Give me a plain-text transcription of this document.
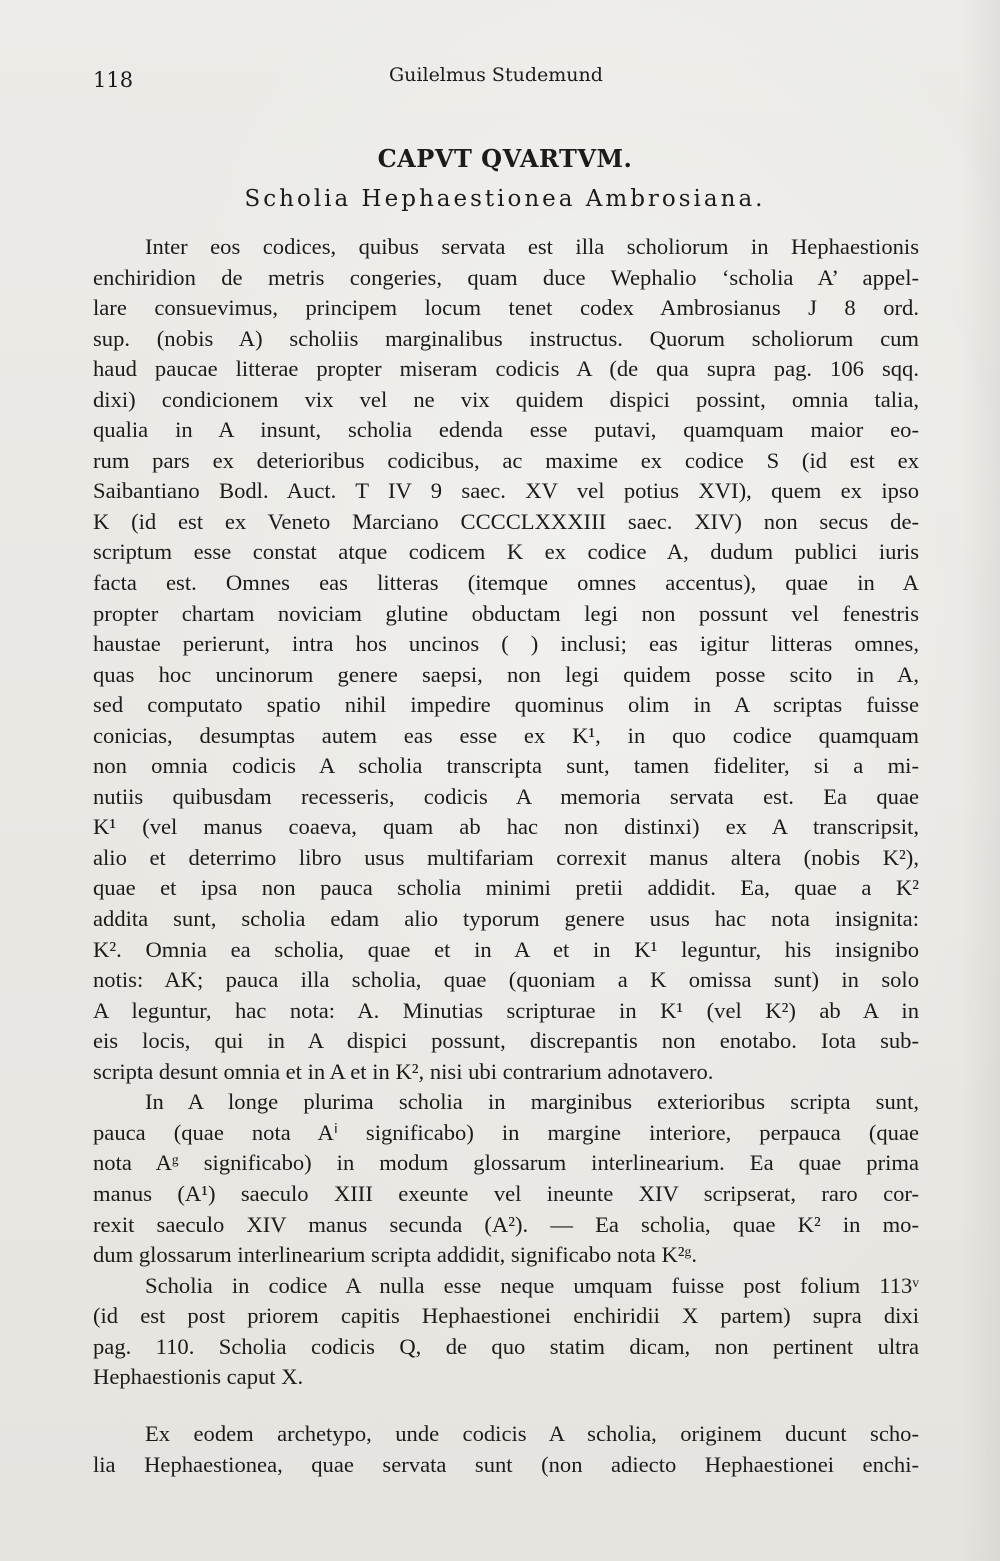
118	Guilelmus Studemund
CAPVT QVARTVM.
Scholia Hephaestionea Ambrosiana.
Inter eos codices, quibus servata est illa scholiorum in Hephaestionis
enchiridion de metris congeries, quam duce Wephalio ‘scholia A’ appel-
lare consuevimus, principem locum tenet codex Ambrosianus J 8 ord.
sup. (nobis A) scholiis marginalibus instructus. Quorum scholiorum cum
haud paucae litterae propter miseram codicis A (de qua supra pag. 106 sqq.
dixi) condicionem vix vel ne vix quidem dispici possint, omnia talia,
qualia in A insunt, scholia edenda esse putavi, quamquam maior eo-
rum pars ex deterioribus codicibus, ac maxime ex codice S (id est ex
Saibantiano Bodl. Auct. T IV 9 saec. XV vel potius XVI), quem ex ipso
K (id est ex Veneto Marciano CCCCLXXXIII saec. XIV) non secus de-
scriptum esse constat atque codicem K ex codice A, dudum publici iuris
facta est. Omnes eas litteras (itemque omnes accentus), quae in A
propter chartam noviciam glutine obductam legi non possunt vel fenestris
haustae perierunt, intra hos uncinos ( ) inclusi; eas igitur litteras omnes,
quas hoc uncinorum genere saepsi, non legi quidem posse scito in A,
sed computato spatio nihil impedire quominus olim in A scriptas fuisse
conicias, desumptas autem eas esse ex K¹, in quo codice quamquam
non omnia codicis A scholia transcripta sunt, tamen fideliter, si a mi-
nutiis quibusdam recesseris, codicis A memoria servata est. Ea quae
K¹ (vel manus coaeva, quam ab hac non distinxi) ex A transcripsit,
alio et deterrimo libro usus multifariam correxit manus altera (nobis K²),
quae et ipsa non pauca scholia minimi pretii addidit. Ea, quae a K²
addita sunt, scholia edam alio typorum genere usus hac nota insignita:
K². Omnia ea scholia, quae et in A et in K¹ leguntur, his insignibo
notis: AK; pauca illa scholia, quae (quoniam a K omissa sunt) in solo
A leguntur, hac nota: A. Minutias scripturae in K¹ (vel K²) ab A in
eis locis, qui in A dispici possunt, discrepantis non enotabo. Iota sub-
scripta desunt omnia et in A et in K², nisi ubi contrarium adnotavero.
In A longe plurima scholia in marginibus exterioribus scripta sunt,
pauca (quae nota Aⁱ significabo) in margine interiore, perpauca (quae
nota Aᵍ significabo) in modum glossarum interlinearium. Ea quae prima
manus (A¹) saeculo XIII exeunte vel ineunte XIV scripserat, raro cor-
rexit saeculo XIV manus secunda (A²). — Ea scholia, quae K² in mo-
dum glossarum interlinearium scripta addidit, significabo nota K²ᵍ.
Scholia in codice A nulla esse neque umquam fuisse post folium 113ᵛ
(id est post priorem capitis Hephaestionei enchiridii X partem) supra dixi
pag. 110. Scholia codicis Q, de quo statim dicam, non pertinent ultra
Hephaestionis caput X.
Ex eodem archetypo, unde codicis A scholia, originem ducunt scho-
lia Hephaestionea, quae servata sunt (non adiecto Hephaestionei enchi-
